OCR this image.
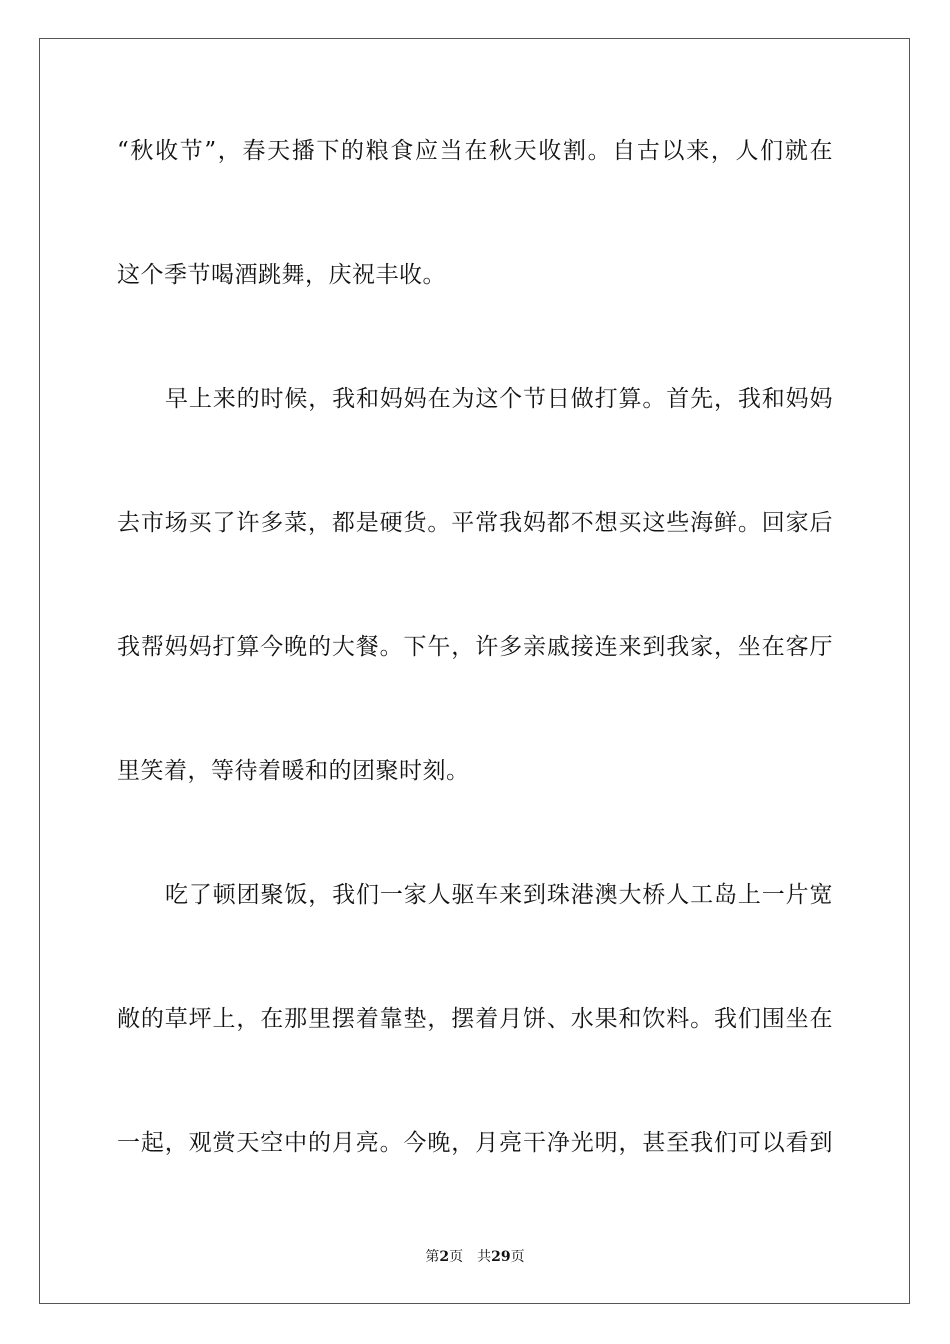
“秋收节”，春天播下的粮食应当在秋天收割。自古以来，人们就在
这个季节喝酒跳舞，庆祝丰收。
早上来的时候，我和妈妈在为这个节日做打算。首先，我和妈妈
去市场买了许多菜，都是硬货。平常我妈都不想买这些海鲜。回家后
我帮妈妈打算今晚的大餐。下午，许多亲戚接连来到我家，坐在客厅
里笑着，等待着暖和的团聚时刻。
吃了顿团聚饭，我们一家人驱车来到珠港澳大桥人工岛上一片宽
敞的草坪上，在那里摆着靠垫，摆着月饼、水果和饮料。我们围坐在
一起，观赏天空中的月亮。今晚，月亮干净光明，甚至我们可以看到
第2页 共29页
